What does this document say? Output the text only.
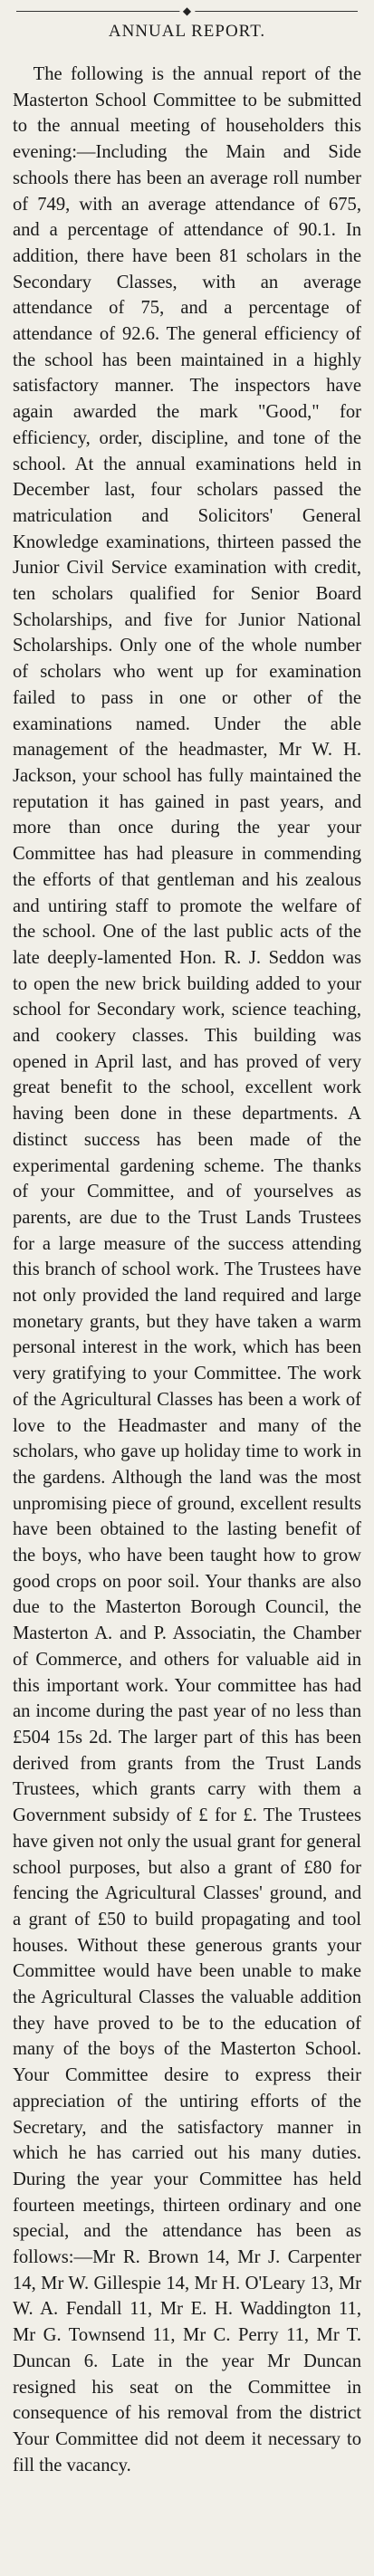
◆
ANNUAL REPORT.

The following is the annual report of the Masterton School Committee to be submitted to the annual meeting of householders this evening:—Including the Main and Side schools there has been an average roll number of 749, with an average attendance of 675, and a percentage of attendance of 90.1. In addition, there have been 81 scholars in the Secondary Classes, with an average attendance of 75, and a percentage of attendance of 92.6. The general efficiency of the school has been maintained in a highly satisfactory manner. The inspectors have again awarded the mark "Good," for efficiency, order, discipline, and tone of the school. At the annual examinations held in December last, four scholars passed the matriculation and Solicitors' General Knowledge examinations, thirteen passed the Junior Civil Service examination with credit, ten scholars qualified for Senior Board Scholarships, and five for Junior National Scholarships. Only one of the whole number of scholars who went up for examination failed to pass in one or other of the examinations named. Under the able management of the headmaster, Mr W. H. Jackson, your school has fully maintained the reputation it has gained in past years, and more than once during the year your Committee has had pleasure in commending the efforts of that gentleman and his zealous and untiring staff to promote the welfare of the school. One of the last public acts of the late deeply-lamented Hon. R. J. Seddon was to open the new brick building added to your school for Secondary work, science teaching, and cookery classes. This building was opened in April last, and has proved of very great benefit to the school, excellent work having been done in these departments. A distinct success has been made of the experimental gardening scheme. The thanks of your Committee, and of yourselves as parents, are due to the Trust Lands Trustees for a large measure of the success attending this branch of school work. The Trustees have not only provided the land required and large monetary grants, but they have taken a warm personal interest in the work, which has been very gratifying to your Committee. The work of the Agricultural Classes has been a work of love to the Headmaster and many of the scholars, who gave up holiday time to work in the gardens. Although the land was the most unpromising piece of ground, excellent results have been obtained to the lasting benefit of the boys, who have been taught how to grow good crops on poor soil. Your thanks are also due to the Masterton Borough Council, the Masterton A. and P. Associatin, the Chamber of Commerce, and others for valuable aid in this important work. Your committee has had an income during the past year of no less than £504 15s 2d. The larger part of this has been derived from grants from the Trust Lands Trustees, which grants carry with them a Government subsidy of £ for £. The Trustees have given not only the usual grant for general school purposes, but also a grant of £80 for fencing the Agricultural Classes' ground, and a grant of £50 to build propagating and tool houses. Without these generous grants your Committee would have been unable to make the Agricultural Classes the valuable addition they have proved to be to the education of many of the boys of the Masterton School. Your Committee desire to express their appreciation of the untiring efforts of the Secretary, and the satisfactory manner in which he has carried out his many duties. During the year your Committee has held fourteen meetings, thirteen ordinary and one special, and the attendance has been as follows:—Mr R. Brown 14, Mr J. Carpenter 14, Mr W. Gillespie 14, Mr H. O'Leary 13, Mr W. A. Fendall 11, Mr E. H. Waddington 11, Mr G. Townsend 11, Mr C. Perry 11, Mr T. Duncan 6. Late in the year Mr Duncan resigned his seat on the Committee in consequence of his removal from the district Your Committee did not deem it necessary to fill the vacancy.
